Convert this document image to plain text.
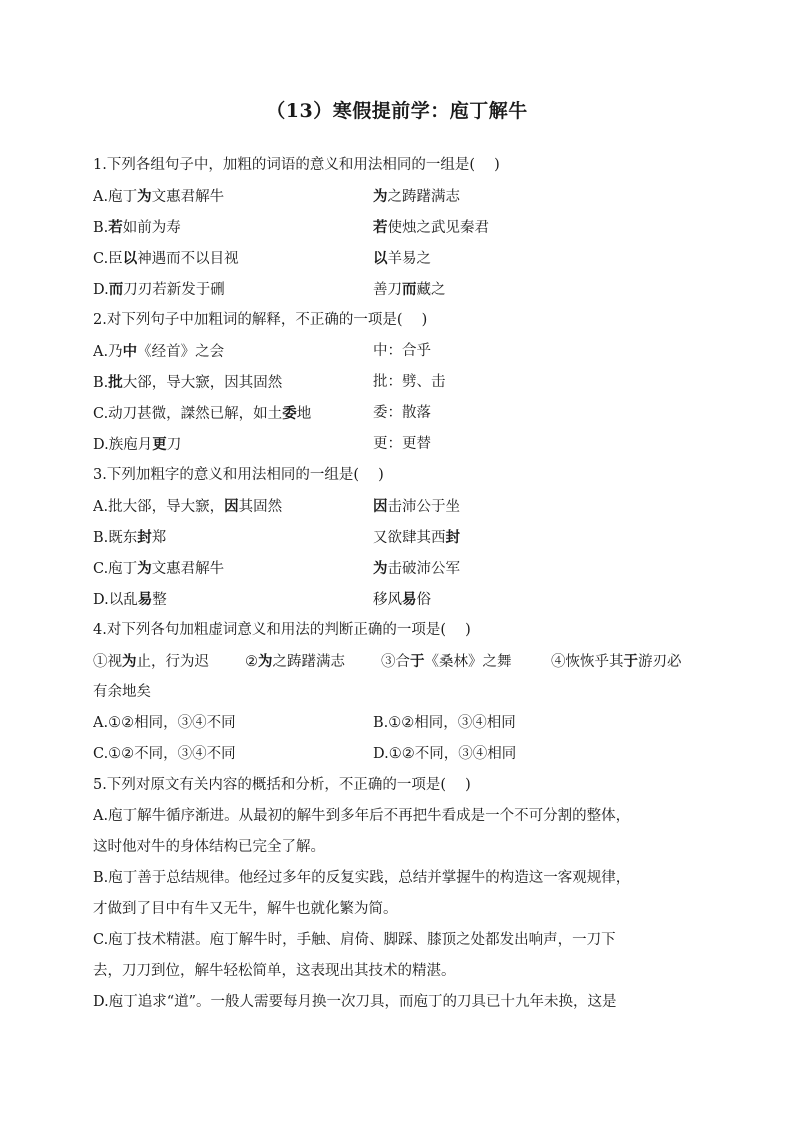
（13）寒假提前学：庖丁解牛
1.下列各组句子中，加粗的词语的意义和用法相同的一组是(　 )
A.庖丁为文惠君解牛	为之踌躇满志
B.若如前为寿	若使烛之武见秦君
C.臣以神遇而不以目视	以羊易之
D.而刀刃若新发于硎	善刀而藏之
2.对下列句子中加粗词的解释，不正确的一项是(　 )
A.乃中《经首》之会	中：合乎
B.批大郤，导大窾，因其固然	批：劈、击
C.动刀甚微，謋然已解，如土委地	委：散落
D.族庖月更刀	更：更替
3.下列加粗字的意义和用法相同的一组是(　 )
A.批大郤，导大窾，因其固然	因击沛公于坐
B.既东封郑	又欲肆其西封
C.庖丁为文惠君解牛	为击破沛公军
D.以乱易整	移风易俗
4.对下列各句加粗虚词意义和用法的判断正确的一项是(　 )
①视为止，行为迟	②为之踌躇满志	③合于《桑林》之舞	④恢恢乎其于游刃必
有余地矣
A.①②相同，③④不同	B.①②相同，③④相同
C.①②不同，③④不同	D.①②不同，③④相同
5.下列对原文有关内容的概括和分析，不正确的一项是(　 )
A.庖丁解牛循序渐进。从最初的解牛到多年后不再把牛看成是一个不可分割的整体，
这时他对牛的身体结构已完全了解。
B.庖丁善于总结规律。他经过多年的反复实践，总结并掌握牛的构造这一客观规律，
才做到了目中有牛又无牛，解牛也就化繁为简。
C.庖丁技术精湛。庖丁解牛时，手触、肩倚、脚踩、膝顶之处都发出响声，一刀下
去，刀刀到位，解牛轻松简单，这表现出其技术的精湛。
D.庖丁追求“道”。一般人需要每月换一次刀具，而庖丁的刀具已十九年未换，这是
